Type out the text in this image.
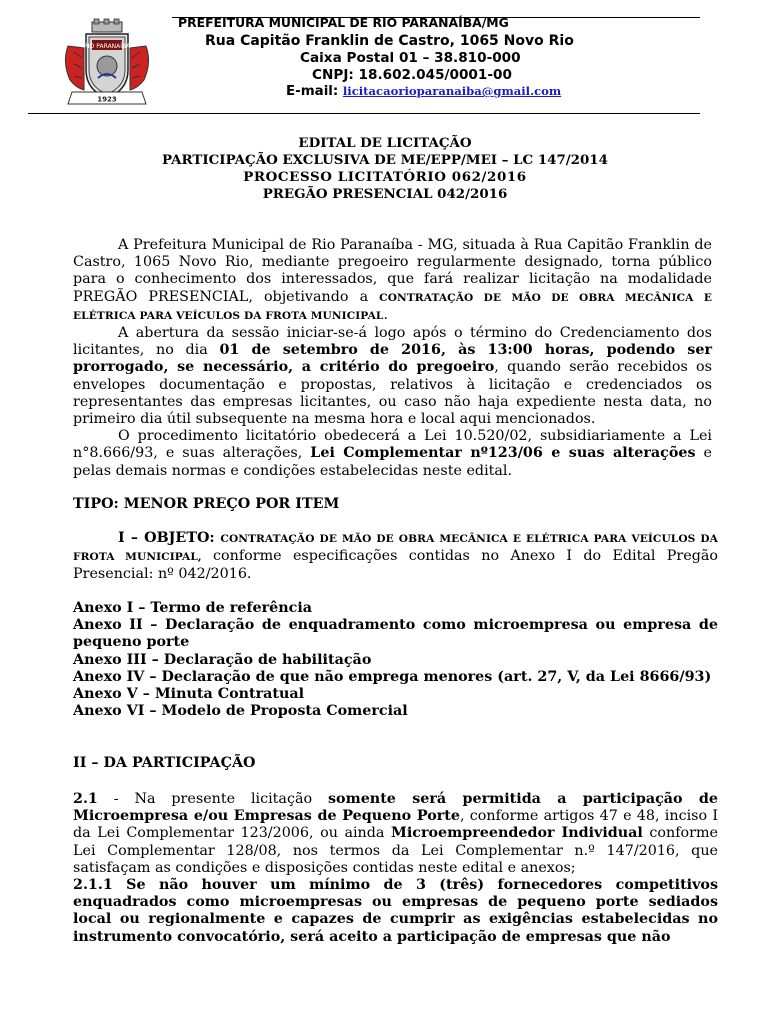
RIO PARANAÍBA
1923
PREFEITURA MUNICIPAL DE RIO PARANAÍBA/MG
Rua Capitão Franklin de Castro, 1065 Novo Rio
Caixa Postal 01 – 38.810-000
CNPJ: 18.602.045/0001-00
E-mail: licitacaorioparanaiba@gmail.com
EDITAL DE LICITAÇÃO
PARTICIPAÇÃO EXCLUSIVA DE ME/EPP/MEI – LC 147/2014
PROCESSO LICITATÓRIO 062/2016
PREGÃO PRESENCIAL 042/2016

A Prefeitura Municipal de Rio Paranaíba - MG, situada à Rua Capitão Franklin de Castro, 1065 Novo Rio, mediante pregoeiro regularmente designado, torna público para o conhecimento dos interessados, que fará realizar licitação na modalidade PREGÃO PRESENCIAL, objetivando a CONTRATAÇÃO DE MÃO DE OBRA MECÂNICA E ELÉTRICA PARA VEÍCULOS DA FROTA MUNICIPAL.

A abertura da sessão iniciar-se-á logo após o término do Credenciamento dos licitantes, no dia 01 de setembro de 2016, às 13:00 horas, podendo ser prorrogado, se necessário, a critério do pregoeiro, quando serão recebidos os envelopes documentação e propostas, relativos à licitação e credenciados os representantes das empresas licitantes, ou caso não haja expediente nesta data, no primeiro dia útil subsequente na mesma hora e local aqui mencionados.

O procedimento licitatório obedecerá a Lei 10.520/02, subsidiariamente a Lei n°8.666/93, e suas alterações, Lei Complementar nº123/06 e suas alterações e pelas demais normas e condições estabelecidas neste edital.

TIPO: MENOR PREÇO POR ITEM

I – OBJETO: CONTRATAÇÃO DE MÃO DE OBRA MECÂNICA E ELÉTRICA PARA VEÍCULOS DA FROTA MUNICIPAL, conforme especificações contidas no Anexo I do Edital Pregão Presencial: nº 042/2016.

Anexo I – Termo de referência

Anexo II – Declaração de enquadramento como microempresa ou empresa de pequeno porte

Anexo III – Declaração de habilitação

Anexo IV – Declaração de que não emprega menores (art. 27, V, da Lei 8666/93)

Anexo V – Minuta Contratual

Anexo VI – Modelo de Proposta Comercial

II – DA PARTICIPAÇÃO

2.1 - Na presente licitação somente será permitida a participação de Microempresa e/ou Empresas de Pequeno Porte, conforme artigos 47 e 48, inciso I da Lei Complementar 123/2006, ou ainda Microempreendedor Individual conforme Lei Complementar 128/08, nos termos da Lei Complementar n.º 147/2016, que satisfaçam as condições e disposições contidas neste edital e anexos;

2.1.1 Se não houver um mínimo de 3 (três) fornecedores competitivos enquadrados como microempresas ou empresas de pequeno porte sediados local ou regionalmente e capazes de cumprir as exigências estabelecidas no instrumento convocatório, será aceito a participação de empresas que não
